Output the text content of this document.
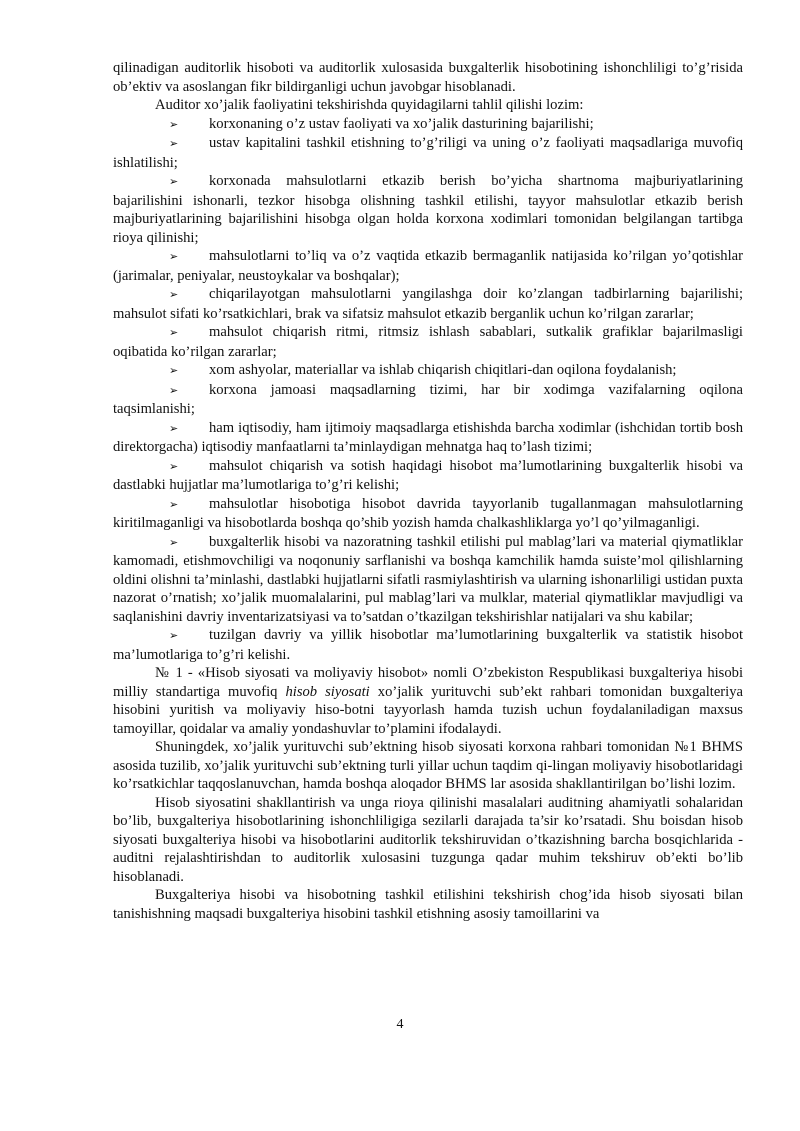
qilinadigan auditorlik hisoboti va auditorlik xulosasida buxgalterlik hisobotining ishonchliligi to’g’risida ob’ektiv va asoslangan fikr bildirganligi uchun javobgar hisoblanadi.

Auditor xo’jalik faoliyatini tekshirishda quyidagilarni tahlil qilishi lozim:

➢ korxonaning o’z ustav faoliyati va xo’jalik dasturining bajarilishi;

➢ ustav kapitalini tashkil etishning to’g’riligi va uning o’z faoliyati maqsadlariga muvofiq ishlatilishi;

➢ korxonada mahsulotlarni etkazib berish bo’yicha shartnoma majburiyatlarining bajarilishini ishonarli, tezkor hisobga olishning tashkil etilishi, tayyor mahsulotlar etkazib berish majburiyatlarining bajarilishini hisobga olgan holda korxona xodimlari tomonidan belgilangan tartibga rioya qilinishi;

➢ mahsulotlarni to’liq va o’z vaqtida etkazib bermaganlik natijasida ko’rilgan yo’qotishlar (jarimalar, peniyalar, neustoykalar va boshqalar);

➢ chiqarilayotgan mahsulotlarni yangilashga doir ko’zlangan tadbirlarning bajarilishi; mahsulot sifati ko’rsatkichlari, brak va sifatsiz mahsulot etkazib berganlik uchun ko’rilgan zararlar;

➢ mahsulot chiqarish ritmi, ritmsiz ishlash sabablari, sutkalik grafiklar bajarilmasligi oqibatida ko’rilgan zararlar;

➢ xom ashyolar, materiallar va ishlab chiqarish chiqitlari-dan oqilona foydalanish;

➢ korxona jamoasi maqsadlarning tizimi, har bir xodimga vazifalarning oqilona taqsimlanishi;

➢ ham iqtisodiy, ham ijtimoiy maqsadlarga etishishda barcha xodimlar (ishchidan tortib bosh direktorgacha) iqtisodiy manfaatlarni ta’minlaydigan mehnatga haq to’lash tizimi;

➢ mahsulot chiqarish va sotish haqidagi hisobot ma’lumotlarining buxgalterlik hisobi va dastlabki hujjatlar ma’lumotlariga to’g’ri kelishi;

➢ mahsulotlar hisobotiga hisobot davrida tayyorlanib tugallanmagan mahsulotlarning kiritilmaganligi va hisobotlarda boshqa qo’shib yozish hamda chalkashliklarga yo’l qo’yilmaganligi.

➢ buxgalterlik hisobi va nazoratning tashkil etilishi pul mablag’lari va material qiymatliklar kamomadi, etishmovchiligi va noqonuniy sarflanishi va boshqa kamchilik hamda suiste’mol qilishlarning oldini olishni ta’minlashi, dastlabki hujjatlarni sifatli rasmiylashtirish va ularning ishonarliligi ustidan puxta nazorat o’rnatish; xo’jalik muomalalarini, pul mablag’lari va mulklar, material qiymatliklar mavjudligi va saqlanishini davriy inventarizatsiyasi va to’satdan o’tkazilgan tekshirishlar natijalari va shu kabilar;

➢ tuzilgan davriy va yillik hisobotlar ma’lumotlarining buxgalterlik va statistik hisobot ma’lumotlariga to’g’ri kelishi.

№ 1 - «Hisob siyosati va moliyaviy hisobot» nomli O’zbekiston Respublikasi buxgalteriya hisobi milliy standartiga muvofiq hisob siyosati xo’jalik yurituvchi sub’ekt rahbari tomonidan buxgalteriya hisobini yuritish va moliyaviy hiso-botni tayyorlash hamda tuzish uchun foydalaniladigan maxsus tamoyillar, qoidalar va amaliy yondashuvlar to’plamini ifodalaydi.

Shuningdek, xo’jalik yurituvchi sub’ektning hisob siyosati korxona rahbari tomonidan №1 BHMS asosida tuzilib, xo’jalik yurituvchi sub’ektning turli yillar uchun taqdim qi-lingan moliyaviy hisobotlaridagi ko’rsatkichlar taqqoslanuvchan, hamda boshqa aloqador BHMS lar asosida shakllantirilgan bo’lishi lozim.

Hisob siyosatini shakllantirish va unga rioya qilinishi masalalari auditning ahamiyatli sohalaridan bo’lib, buxgalteriya hisobotlarining ishonchliligiga sezilarli darajada ta’sir ko’rsatadi. Shu boisdan hisob siyosati buxgalteriya hisobi va hisobotlarini auditorlik tekshiruvidan o’tkazishning barcha bosqichlarida - auditni rejalashtirishdan to auditorlik xulosasini tuzgunga qadar muhim tekshiruv ob’ekti bo’lib hisoblanadi.

Buxgalteriya hisobi va hisobotning tashkil etilishini tekshirish chog’ida hisob siyosati bilan tanishishning maqsadi buxgalteriya hisobini tashkil etishning asosiy tamoillarini va

4
